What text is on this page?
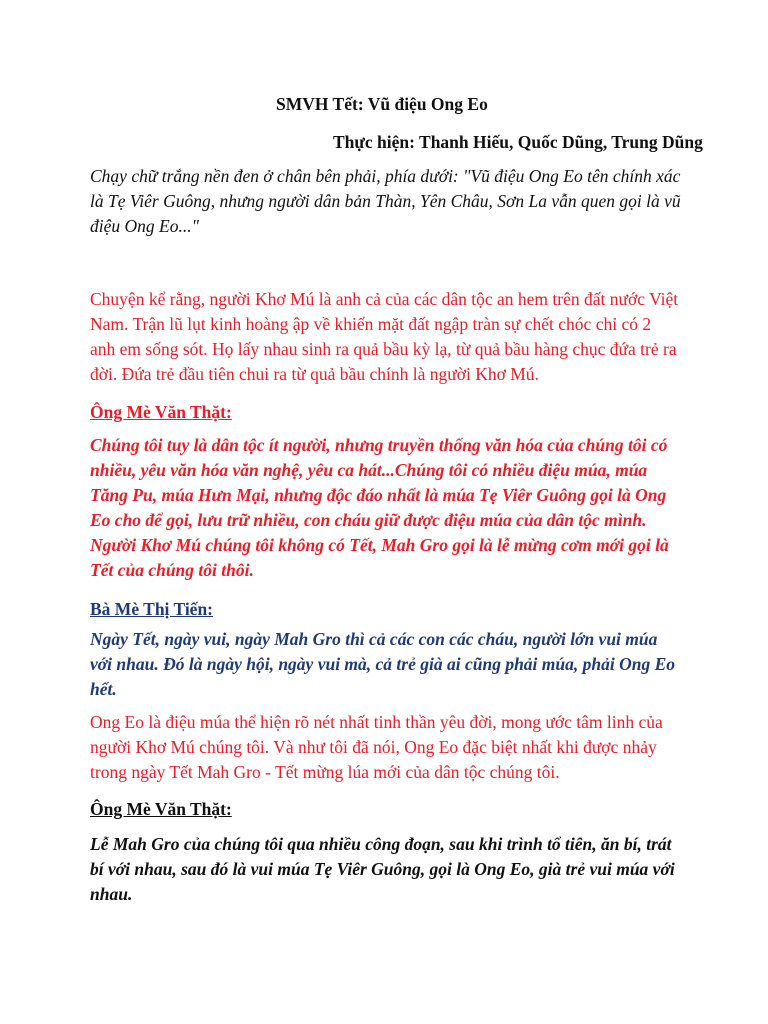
SMVH Tết: Vũ điệu Ong Eo

Thực hiện: Thanh Hiếu, Quốc Dũng, Trung Dũng

Chạy chữ trắng nền đen ở chân bên phải, phía dưới: "Vũ điệu Ong Eo tên chính xác là Tẹ Viêr Guông, nhưng người dân bản Thàn, Yên Châu, Sơn La vẫn quen gọi là vũ điệu Ong Eo..."

Chuyện kể rằng, người Khơ Mú là anh cả của các dân tộc an hem trên đất nước Việt Nam. Trận lũ lụt kinh hoàng ập về khiến mặt đất ngập tràn sự chết chóc chỉ có 2 anh em sống sót. Họ lấy nhau sinh ra quả bầu kỳ lạ, từ quả bầu hàng chục đứa trẻ ra đời. Đứa trẻ đầu tiên chui ra từ quả bầu chính là người Khơ Mú.

Ông Mè Văn Thặt:

Chúng tôi tuy là dân tộc ít người, nhưng truyền thống văn hóa của chúng tôi có nhiều, yêu văn hóa văn nghệ, yêu ca hát...Chúng tôi có nhiều điệu múa, múa Tăng Pu, múa Hưn Mại, nhưng độc đáo nhất là múa Tẹ Viêr Guông gọi là Ong Eo cho để gọi, lưu trữ nhiều, con cháu giữ được điệu múa của dân tộc mình. Người Khơ Mú chúng tôi không có Tết, Mah Gro gọi là lễ mừng cơm mới gọi là Tết của chúng tôi thôi.

Bà Mè Thị Tiến:

Ngày Tết, ngày vui, ngày Mah Gro thì cả các con các cháu, người lớn vui múa với nhau. Đó là ngày hội, ngày vui mà, cả trẻ già ai cũng phải múa, phải Ong Eo hết.

Ong Eo là điệu múa thể hiện rõ nét nhất tinh thần yêu đời, mong ước tâm linh của người Khơ Mú chúng tôi. Và như tôi đã nói, Ong Eo đặc biệt nhất khi được nhảy trong ngày Tết Mah Gro - Tết mừng lúa mới của dân tộc chúng tôi.

Ông Mè Văn Thặt:

Lễ Mah Gro của chúng tôi qua nhiều công đoạn, sau khi trình tổ tiên, ăn bí, trát bí với nhau, sau đó là vui múa Tẹ Viêr Guông, gọi là Ong Eo, già trẻ vui múa với nhau.
